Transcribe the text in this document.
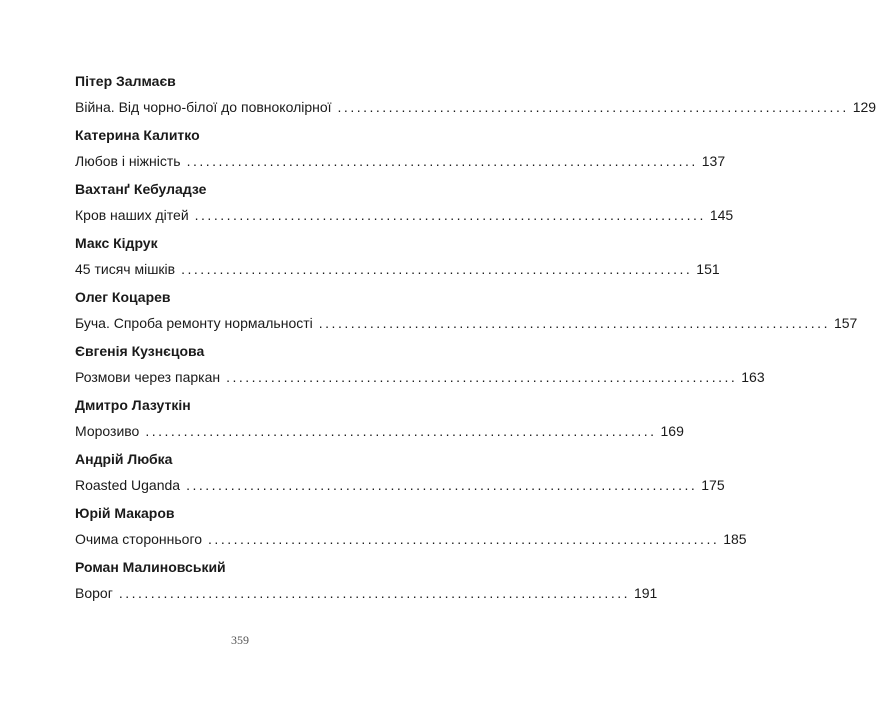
Пітер Залмаєв
Війна. Від чорно-білої до повноколірної ................................................................................ 129
Катерина Калитко
Любов і ніжність ................................................................................ 137
Вахтанґ Кебуладзе
Кров наших дітей ................................................................................ 145
Макс Кідрук
45 тисяч мішків ................................................................................ 151
Олег Коцарев
Буча. Спроба ремонту нормальності ................................................................................ 157
Євгенія Кузнєцова
Розмови через паркан ................................................................................ 163
Дмитро Лазуткін
Морозиво ................................................................................ 169
Андрій Любка
Roasted Uganda ................................................................................ 175
Юрій Макаров
Очима стороннього ................................................................................ 185
Роман Малиновський
Ворог ................................................................................ 191
359
